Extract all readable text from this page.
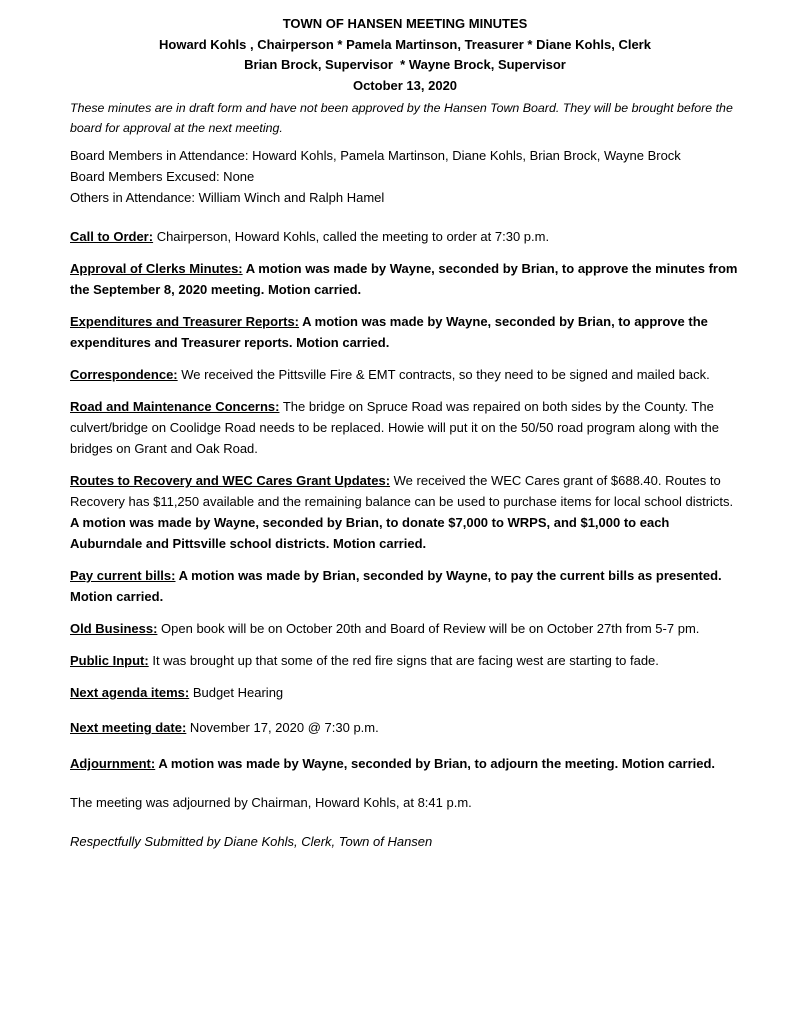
TOWN OF HANSEN MEETING MINUTES
Howard Kohls , Chairperson * Pamela Martinson, Treasurer * Diane Kohls, Clerk
Brian Brock, Supervisor  * Wayne Brock, Supervisor
October 13, 2020
These minutes are in draft form and have not been approved by the Hansen Town Board. They will be brought before the board for approval at the next meeting.
Board Members in Attendance: Howard Kohls, Pamela Martinson, Diane Kohls, Brian Brock, Wayne Brock
Board Members Excused: None
Others in Attendance: William Winch and Ralph Hamel
Call to Order: Chairperson, Howard Kohls, called the meeting to order at 7:30 p.m.
Approval of Clerks Minutes: A motion was made by Wayne, seconded by Brian, to approve the minutes from the September 8, 2020 meeting. Motion carried.
Expenditures and Treasurer Reports: A motion was made by Wayne, seconded by Brian, to approve the expenditures and Treasurer reports. Motion carried.
Correspondence: We received the Pittsville Fire & EMT contracts, so they need to be signed and mailed back.
Road and Maintenance Concerns: The bridge on Spruce Road was repaired on both sides by the County. The culvert/bridge on Coolidge Road needs to be replaced. Howie will put it on the 50/50 road program along with the bridges on Grant and Oak Road.
Routes to Recovery and WEC Cares Grant Updates: We received the WEC Cares grant of $688.40. Routes to Recovery has $11,250 available and the remaining balance can be used to purchase items for local school districts. A motion was made by Wayne, seconded by Brian, to donate $7,000 to WRPS, and $1,000 to each Auburndale and Pittsville school districts. Motion carried.
Pay current bills: A motion was made by Brian, seconded by Wayne, to pay the current bills as presented. Motion carried.
Old Business: Open book will be on October 20th and Board of Review will be on October 27th from 5-7 pm.
Public Input: It was brought up that some of the red fire signs that are facing west are starting to fade.
Next agenda items: Budget Hearing
Next meeting date: November 17, 2020 @ 7:30 p.m.
Adjournment: A motion was made by Wayne, seconded by Brian, to adjourn the meeting. Motion carried.
The meeting was adjourned by Chairman, Howard Kohls, at 8:41 p.m.
Respectfully Submitted by Diane Kohls, Clerk, Town of Hansen
